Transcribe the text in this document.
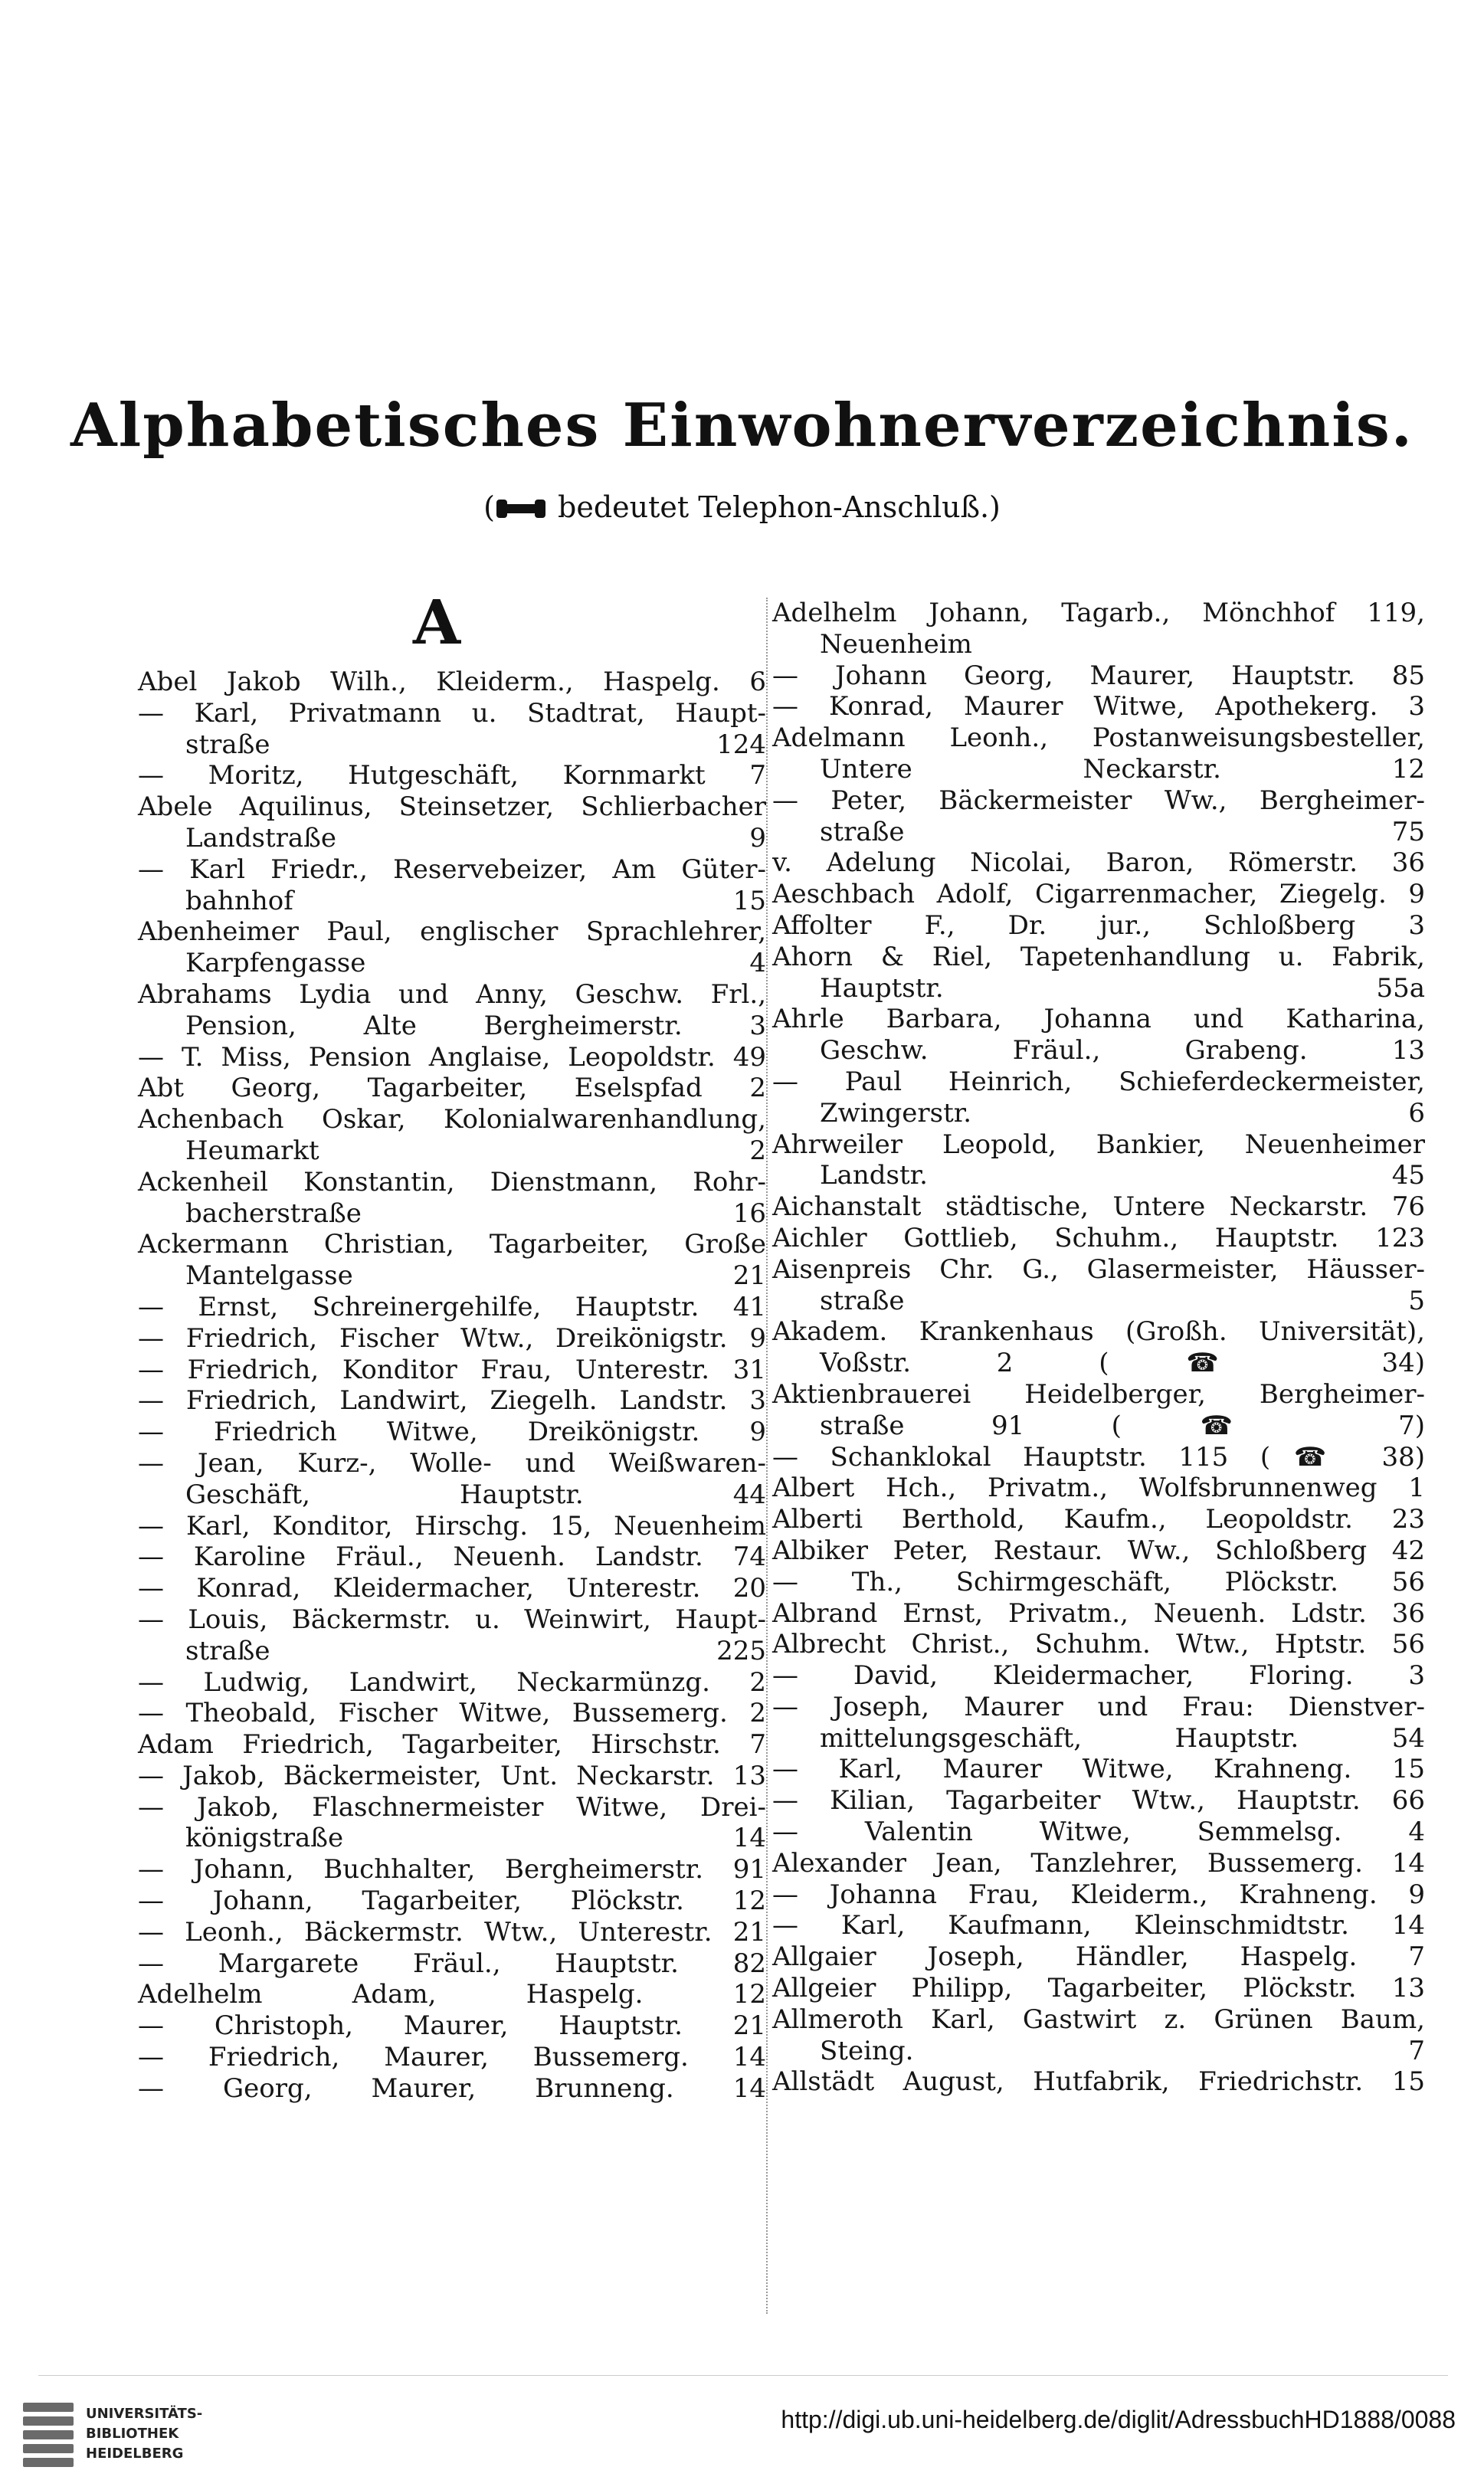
Alphabetisches Einwohnerverzeichnis.
( bedeutet Telephon-Anschluß.)
A
Abel Jakob Wilh., Kleiderm., Haspelg. 6
— Karl, Privatmann u. Stadtrat, Haupt-
straße 124
— Moritz, Hutgeschäft, Kornmarkt 7
Abele Aquilinus, Steinsetzer, Schlierbacher
Landstraße 9
— Karl Friedr., Reservebeizer, Am Güter-
bahnhof 15
Abenheimer Paul, englischer Sprachlehrer,
Karpfengasse 4
Abrahams Lydia und Anny, Geschw. Frl.,
Pension, Alte Bergheimerstr. 3
— T. Miss, Pension Anglaise, Leopoldstr. 49
Abt Georg, Tagarbeiter, Eselspfad 2
Achenbach Oskar, Kolonialwarenhandlung,
Heumarkt 2
Ackenheil Konstantin, Dienstmann, Rohr-
bacherstraße 16
Ackermann Christian, Tagarbeiter, Große
Mantelgasse 21
— Ernst, Schreinergehilfe, Hauptstr. 41
— Friedrich, Fischer Wtw., Dreikönigstr. 9
— Friedrich, Konditor Frau, Unterestr. 31
— Friedrich, Landwirt, Ziegelh. Landstr. 3
— Friedrich Witwe, Dreikönigstr. 9
— Jean, Kurz-, Wolle- und Weißwaren-
Geschäft, Hauptstr. 44
— Karl, Konditor, Hirschg. 15, Neuenheim
— Karoline Fräul., Neuenh. Landstr. 74
— Konrad, Kleidermacher, Unterestr. 20
— Louis, Bäckermstr. u. Weinwirt, Haupt-
straße 225
— Ludwig, Landwirt, Neckarmünzg. 2
— Theobald, Fischer Witwe, Bussemerg. 2
Adam Friedrich, Tagarbeiter, Hirschstr. 7
— Jakob, Bäckermeister, Unt. Neckarstr. 13
— Jakob, Flaschnermeister Witwe, Drei-
königstraße 14
— Johann, Buchhalter, Bergheimerstr. 91
— Johann, Tagarbeiter, Plöckstr. 12
— Leonh., Bäckermstr. Wtw., Unterestr. 21
— Margarete Fräul., Hauptstr. 82
Adelhelm Adam, Haspelg. 12
— Christoph, Maurer, Hauptstr. 21
— Friedrich, Maurer, Bussemerg. 14
— Georg, Maurer, Brunneng. 14
Adelhelm Johann, Tagarb., Mönchhof 119,
Neuenheim
— Johann Georg, Maurer, Hauptstr. 85
— Konrad, Maurer Witwe, Apothekerg. 3
Adelmann Leonh., Postanweisungsbesteller,
Untere Neckarstr. 12
— Peter, Bäckermeister Ww., Bergheimer-
straße 75
v. Adelung Nicolai, Baron, Römerstr. 36
Aeschbach Adolf, Cigarrenmacher, Ziegelg. 9
Affolter F., Dr. jur., Schloßberg 3
Ahorn & Riel, Tapetenhandlung u. Fabrik,
Hauptstr. 55a
Ahrle Barbara, Johanna und Katharina,
Geschw. Fräul., Grabeng. 13
— Paul Heinrich, Schieferdeckermeister,
Zwingerstr. 6
Ahrweiler Leopold, Bankier, Neuenheimer
Landstr. 45
Aichanstalt städtische, Untere Neckarstr. 76
Aichler Gottlieb, Schuhm., Hauptstr. 123
Aisenpreis Chr. G., Glasermeister, Häusser-
straße 5
Akadem. Krankenhaus (Großh. Universität),
Voßstr. 2 (☎ 34)
Aktienbrauerei Heidelberger, Bergheimer-
straße 91 (☎ 7)
— Schanklokal Hauptstr. 115 (☎ 38)
Albert Hch., Privatm., Wolfsbrunnenweg 1
Alberti Berthold, Kaufm., Leopoldstr. 23
Albiker Peter, Restaur. Ww., Schloßberg 42
— Th., Schirmgeschäft, Plöckstr. 56
Albrand Ernst, Privatm., Neuenh. Ldstr. 36
Albrecht Christ., Schuhm. Wtw., Hptstr. 56
— David, Kleidermacher, Floring. 3
— Joseph, Maurer und Frau: Dienstver-
mittelungsgeschäft, Hauptstr. 54
— Karl, Maurer Witwe, Krahneng. 15
— Kilian, Tagarbeiter Wtw., Hauptstr. 66
— Valentin Witwe, Semmelsg. 4
Alexander Jean, Tanzlehrer, Bussemerg. 14
— Johanna Frau, Kleiderm., Krahneng. 9
— Karl, Kaufmann, Kleinschmidtstr. 14
Allgaier Joseph, Händler, Haspelg. 7
Allgeier Philipp, Tagarbeiter, Plöckstr. 13
Allmeroth Karl, Gastwirt z. Grünen Baum,
Steing. 7
Allstädt August, Hutfabrik, Friedrichstr. 15
UNIVERSITÄTS-
BIBLIOTHEK
HEIDELBERG
http://digi.ub.uni-heidelberg.de/diglit/AdressbuchHD1888/0088
